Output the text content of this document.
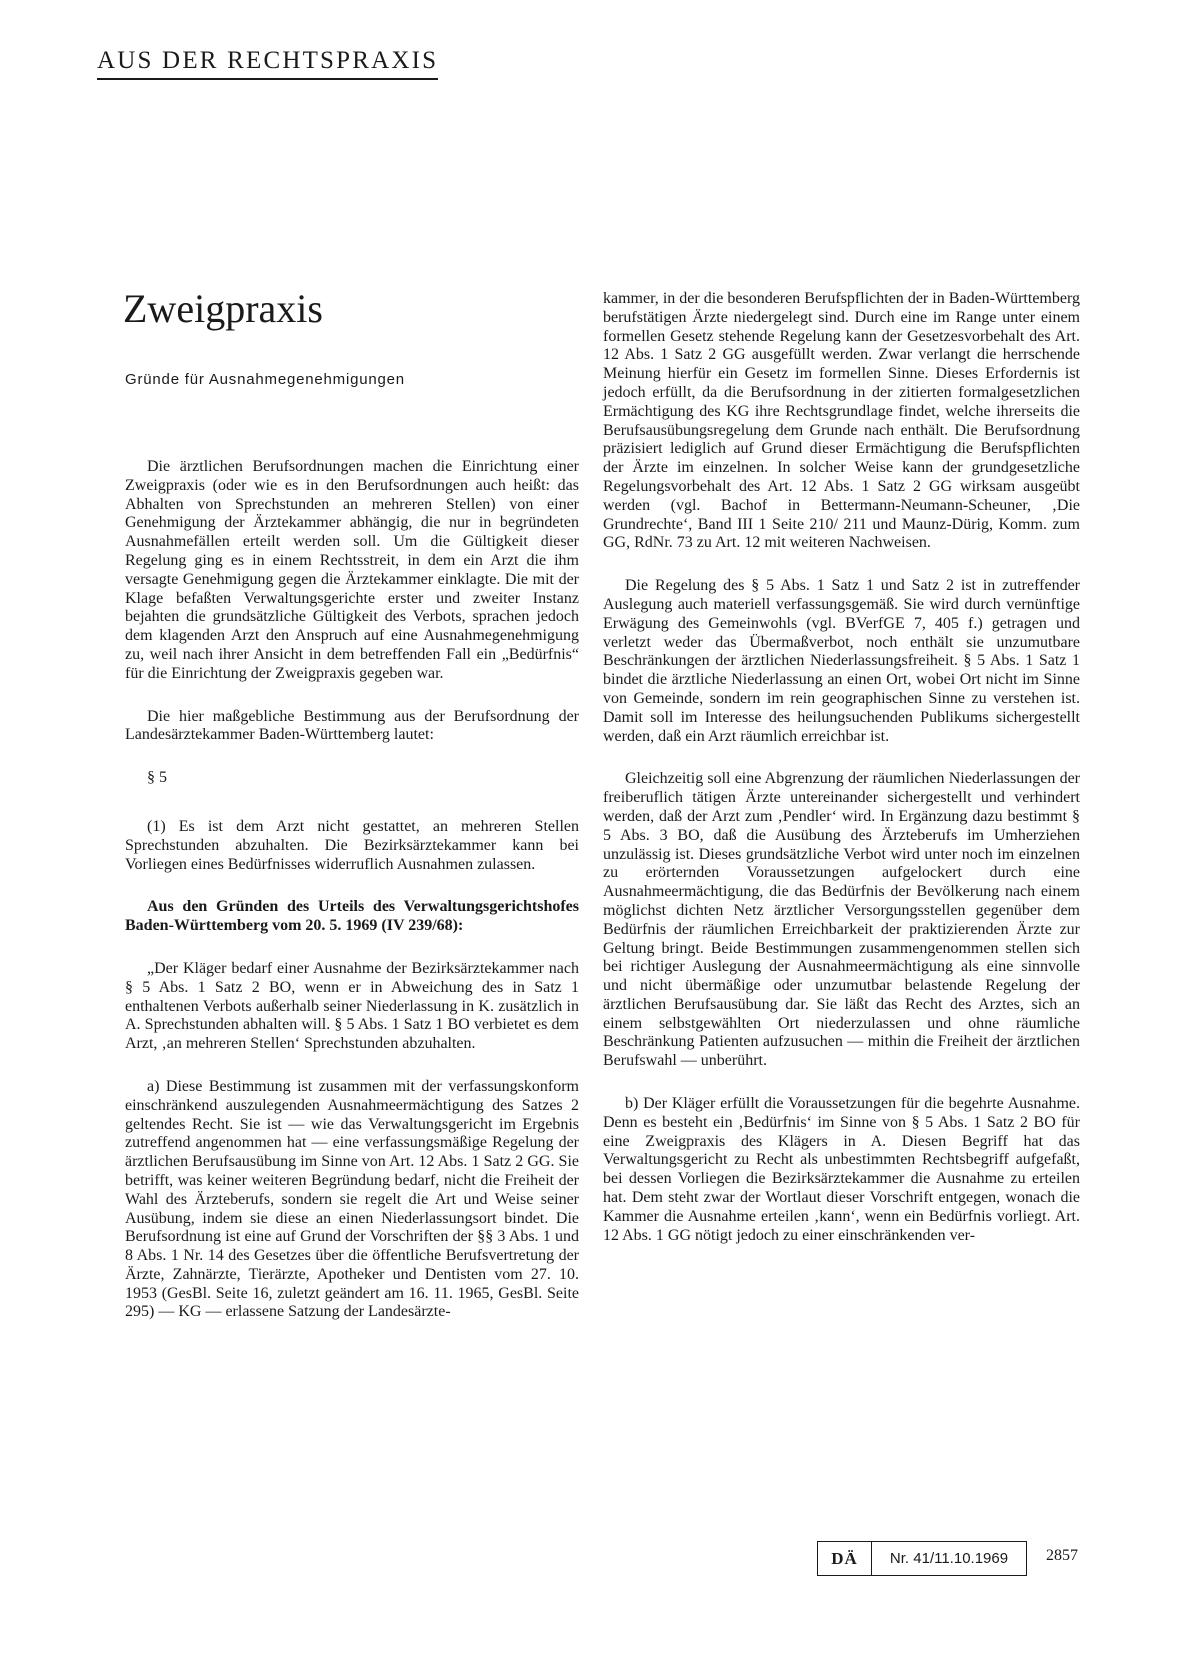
AUS DER RECHTSPRAXIS
Zweigpraxis
Gründe für Ausnahmegenehmigungen

Die ärztlichen Berufsordnungen machen die Einrichtung einer Zweigpraxis (oder wie es in den Berufsordnungen auch heißt: das Abhalten von Sprechstunden an mehreren Stellen) von einer Genehmigung der Ärztekammer abhängig, die nur in begründeten Ausnahmefällen erteilt werden soll. Um die Gültigkeit dieser Regelung ging es in einem Rechtsstreit, in dem ein Arzt die ihm versagte Genehmigung gegen die Ärztekammer einklagte. Die mit der Klage befaßten Verwaltungsgerichte erster und zweiter Instanz bejahten die grundsätzliche Gültigkeit des Verbots, sprachen jedoch dem klagenden Arzt den Anspruch auf eine Ausnahmegenehmigung zu, weil nach ihrer Ansicht in dem betreffenden Fall ein „Bedürfnis“ für die Einrichtung der Zweigpraxis gegeben war.

Die hier maßgebliche Bestimmung aus der Berufsordnung der Landesärztekammer Baden-Württemberg lautet:

§ 5

(1) Es ist dem Arzt nicht gestattet, an mehreren Stellen Sprechstunden abzuhalten. Die Bezirksärztekammer kann bei Vorliegen eines Bedürfnisses widerruflich Ausnahmen zulassen.

Aus den Gründen des Urteils des Verwaltungsgerichtshofes Baden-Württemberg vom 20. 5. 1969 (IV 239/68):

„Der Kläger bedarf einer Ausnahme der Bezirksärztekammer nach § 5 Abs. 1 Satz 2 BO, wenn er in Abweichung des in Satz 1 enthaltenen Verbots außerhalb seiner Niederlassung in K. zusätzlich in A. Sprechstunden abhalten will. § 5 Abs. 1 Satz 1 BO verbietet es dem Arzt, ‚an mehreren Stellen‘ Sprechstunden abzuhalten.

a) Diese Bestimmung ist zusammen mit der verfassungskonform einschränkend auszulegenden Ausnahmeermächtigung des Satzes 2 geltendes Recht. Sie ist — wie das Verwaltungsgericht im Ergebnis zutreffend angenommen hat — eine verfassungsmäßige Regelung der ärztlichen Berufsausübung im Sinne von Art. 12 Abs. 1 Satz 2 GG. Sie betrifft, was keiner weiteren Begründung bedarf, nicht die Freiheit der Wahl des Ärzteberufs, sondern sie regelt die Art und Weise seiner Ausübung, indem sie diese an einen Niederlassungsort bindet. Die Berufsordnung ist eine auf Grund der Vorschriften der §§ 3 Abs. 1 und 8 Abs. 1 Nr. 14 des Gesetzes über die öffentliche Berufsvertretung der Ärzte, Zahnärzte, Tierärzte, Apotheker und Dentisten vom 27. 10. 1953 (GesBl. Seite 16, zuletzt geändert am 16. 11. 1965, GesBl. Seite 295) — KG — erlassene Satzung der Landesärzte-

kammer, in der die besonderen Berufspflichten der in Baden-Württemberg berufstätigen Ärzte niedergelegt sind. Durch eine im Range unter einem formellen Gesetz stehende Regelung kann der Gesetzesvorbehalt des Art. 12 Abs. 1 Satz 2 GG ausgefüllt werden. Zwar verlangt die herrschende Meinung hierfür ein Gesetz im formellen Sinne. Dieses Erfordernis ist jedoch erfüllt, da die Berufsordnung in der zitierten formalgesetzlichen Ermächtigung des KG ihre Rechtsgrundlage findet, welche ihrerseits die Berufsausübungsregelung dem Grunde nach enthält. Die Berufsordnung präzisiert lediglich auf Grund dieser Ermächtigung die Berufspflichten der Ärzte im einzelnen. In solcher Weise kann der grundgesetzliche Regelungsvorbehalt des Art. 12 Abs. 1 Satz 2 GG wirksam ausgeübt werden (vgl. Bachof in Bettermann-Neumann-Scheuner, ‚Die Grundrechte‘, Band III 1 Seite 210/ 211 und Maunz-Dürig, Komm. zum GG, RdNr. 73 zu Art. 12 mit weiteren Nachweisen.

Die Regelung des § 5 Abs. 1 Satz 1 und Satz 2 ist in zutreffender Auslegung auch materiell verfassungsgemäß. Sie wird durch vernünftige Erwägung des Gemeinwohls (vgl. BVerfGE 7, 405 f.) getragen und verletzt weder das Übermaßverbot, noch enthält sie unzumutbare Beschränkungen der ärztlichen Niederlassungsfreiheit. § 5 Abs. 1 Satz 1 bindet die ärztliche Niederlassung an einen Ort, wobei Ort nicht im Sinne von Gemeinde, sondern im rein geographischen Sinne zu verstehen ist. Damit soll im Interesse des heilungsuchenden Publikums sichergestellt werden, daß ein Arzt räumlich erreichbar ist.

Gleichzeitig soll eine Abgrenzung der räumlichen Niederlassungen der freiberuflich tätigen Ärzte untereinander sichergestellt und verhindert werden, daß der Arzt zum ‚Pendler‘ wird. In Ergänzung dazu bestimmt § 5 Abs. 3 BO, daß die Ausübung des Ärzteberufs im Umherziehen unzulässig ist. Dieses grundsätzliche Verbot wird unter noch im einzelnen zu erörternden Voraussetzungen aufgelockert durch eine Ausnahmeermächtigung, die das Bedürfnis der Bevölkerung nach einem möglichst dichten Netz ärztlicher Versorgungsstellen gegenüber dem Bedürfnis der räumlichen Erreichbarkeit der praktizierenden Ärzte zur Geltung bringt. Beide Bestimmungen zusammengenommen stellen sich bei richtiger Auslegung der Ausnahmeermächtigung als eine sinnvolle und nicht übermäßige oder unzumutbar belastende Regelung der ärztlichen Berufsausübung dar. Sie läßt das Recht des Arztes, sich an einem selbstgewählten Ort niederzulassen und ohne räumliche Beschränkung Patienten aufzusuchen — mithin die Freiheit der ärztlichen Berufswahl — unberührt.

b) Der Kläger erfüllt die Voraussetzungen für die begehrte Ausnahme. Denn es besteht ein ‚Bedürfnis‘ im Sinne von § 5 Abs. 1 Satz 2 BO für eine Zweigpraxis des Klägers in A. Diesen Begriff hat das Verwaltungsgericht zu Recht als unbestimmten Rechtsbegriff aufgefaßt, bei dessen Vorliegen die Bezirksärztekammer die Ausnahme zu erteilen hat. Dem steht zwar der Wortlaut dieser Vorschrift entgegen, wonach die Kammer die Ausnahme erteilen ‚kann‘, wenn ein Bedürfnis vorliegt. Art. 12 Abs. 1 GG nötigt jedoch zu einer einschränkenden ver-

DÄ	Nr. 41/11.10.1969	2857
